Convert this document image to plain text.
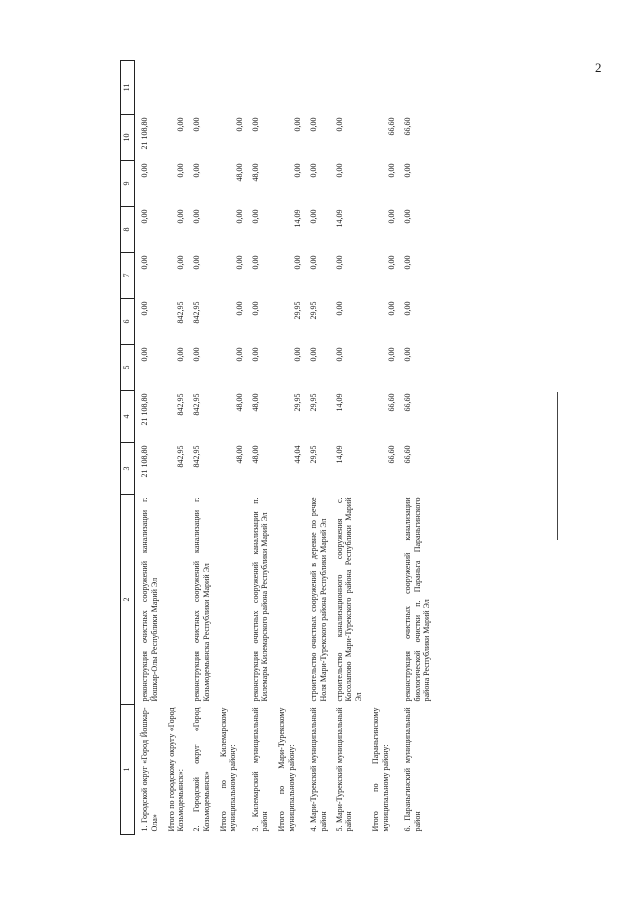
2
1	2	3	4	5	6	7	8	9	10	11
1. Городской округ «Город Йошкар-Ола»	реконструкция очистных сооружений канализации г. Йошкар-Олы Республики Марий Эл	21 108,80	21 108,80	0,00	0,00	0,00	0,00	0,00	21 108,80	
Итого по городскому округу «Город Козьмодемьянск»:		842,95	842,95	0,00	842,95	0,00	0,00	0,00	0,00	
2. Городской округ «Город Козьмодемьянск»	реконструкция очистных сооружений канализации г. Козьмодемьянска Республики Марий Эл	842,95	842,95	0,00	842,95	0,00	0,00	0,00	0,00	
Итого по Килемарскому муниципальному району:		48,00	48,00	0,00	0,00	0,00	0,00	48,00	0,00	
3. Килемарский муниципальный район	реконструкция очистных сооружений канализации п. Килемары Килемарского района Республики Марий Эл	48,00	48,00	0,00	0,00	0,00	0,00	48,00	0,00	
Итого по Мари-Турекскому муниципальному району:		44,04	29,95	0,00	29,95	0,00	14,09	0,00	0,00	
4. Мари-Турекский муниципальный район	строительство очистных сооружений в деревне по речке Ноля Мари-Турекского района Республики Марий Эл	29,95	29,95	0,00	29,95	0,00	0,00	0,00	0,00	
5. Мари-Турекский муниципальный район	строительство канализационного сооружения с. Косолапово Мари-Турекского района Республики Марий Эл	14,09	14,09	0,00	0,00	0,00	14,09	0,00	0,00	
Итого по Параньгинскому муниципальному району:		66,60	66,60	0,00	0,00	0,00	0,00	0,00	66,60	
6. Параньгинский муниципальный район	реконструкция очистных сооружений канализации биологической очистки п. Параньга Параньгинского района Республики Марий Эл	66,60	66,60	0,00	0,00	0,00	0,00	0,00	66,60	
